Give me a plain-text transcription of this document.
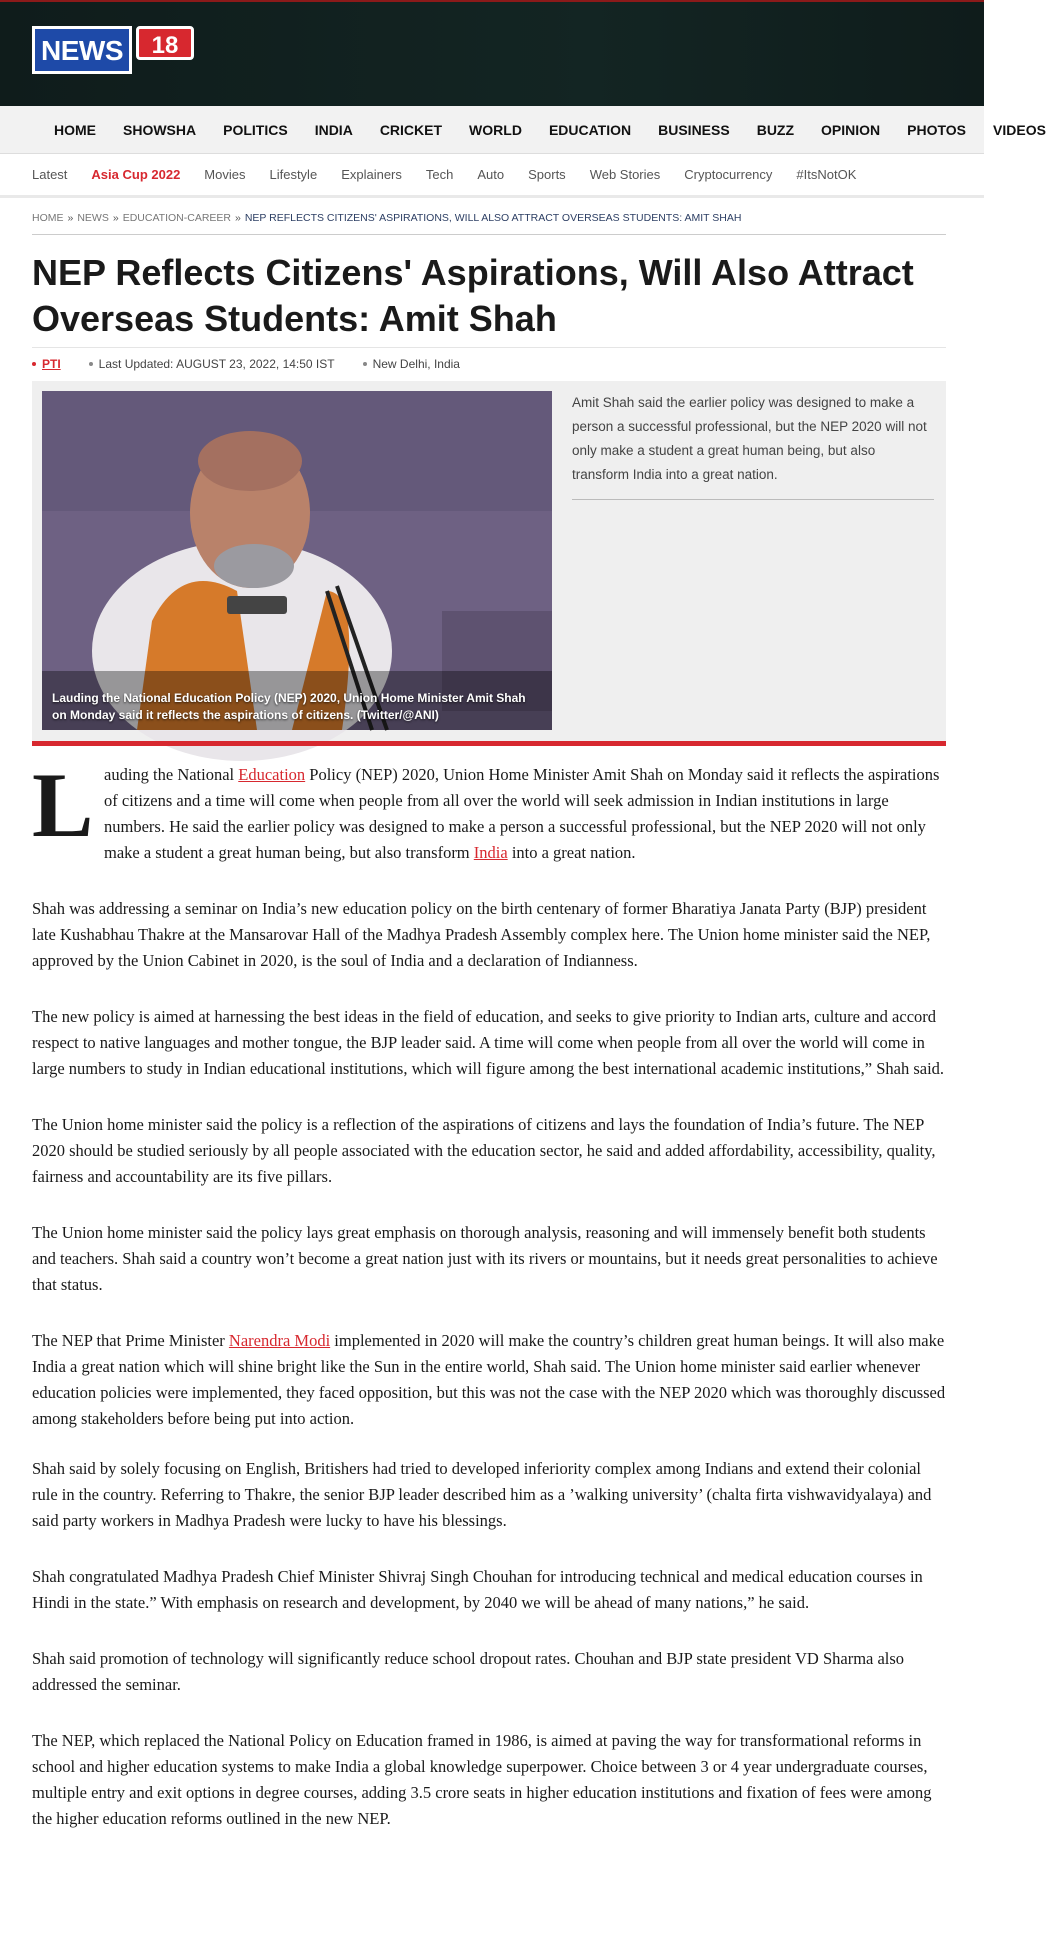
NEWS	18
HOME SHOWSHA POLITICS INDIA CRICKET WORLD EDUCATION BUSINESS BUZZ OPINION PHOTOS VIDEOS
Latest Asia Cup 2022 Movies Lifestyle Explainers Tech Auto Sports Web Stories Cryptocurrency #ItsNotOK
HOME » NEWS » EDUCATION-CAREER » NEP REFLECTS CITIZENS' ASPIRATIONS, WILL ALSO ATTRACT OVERSEAS STUDENTS: AMIT SHAH
NEP Reflects Citizens' Aspirations, Will Also Attract Overseas Students: Amit Shah
PTI	Last Updated: AUGUST 23, 2022, 14:50 IST	New Delhi, India
Lauding the National Education Policy (NEP) 2020, Union Home Minister Amit Shah on Monday said it reflects the aspirations of citizens. (Twitter/@ANI)
Amit Shah said the earlier policy was designed to make a person a successful professional, but the NEP 2020 will not only make a student a great human being, but also transform India into a great nation.
L auding the National Education Policy (NEP) 2020, Union Home Minister Amit Shah on Monday said it reflects the aspirations of citizens and a time will come when people from all over the world will seek admission in Indian institutions in large numbers. He said the earlier policy was designed to make a person a successful professional, but the NEP 2020 will not only make a student a great human being, but also transform India into a great nation.

Shah was addressing a seminar on India’s new education policy on the birth centenary of former Bharatiya Janata Party (BJP) president late Kushabhau Thakre at the Mansarovar Hall of the Madhya Pradesh Assembly complex here. The Union home minister said the NEP, approved by the Union Cabinet in 2020, is the soul of India and a declaration of Indianness.

The new policy is aimed at harnessing the best ideas in the field of education, and seeks to give priority to Indian arts, culture and accord respect to native languages and mother tongue, the BJP leader said. A time will come when people from all over the world will come in large numbers to study in Indian educational institutions, which will figure among the best international academic institutions,” Shah said.

The Union home minister said the policy is a reflection of the aspirations of citizens and lays the foundation of India’s future. The NEP 2020 should be studied seriously by all people associated with the education sector, he said and added affordability, accessibility, quality, fairness and accountability are its five pillars.

The Union home minister said the policy lays great emphasis on thorough analysis, reasoning and will immensely benefit both students and teachers. Shah said a country won’t become a great nation just with its rivers or mountains, but it needs great personalities to achieve that status.

The NEP that Prime Minister Narendra Modi implemented in 2020 will make the country’s children great human beings. It will also make India a great nation which will shine bright like the Sun in the entire world, Shah said. The Union home minister said earlier whenever education policies were implemented, they faced opposition, but this was not the case with the NEP 2020 which was thoroughly discussed among stakeholders before being put into action.

Shah said by solely focusing on English, Britishers had tried to developed inferiority complex among Indians and extend their colonial rule in the country. Referring to Thakre, the senior BJP leader described him as a ’walking university’ (chalta firta vishwavidyalaya) and said party workers in Madhya Pradesh were lucky to have his blessings.

Shah congratulated Madhya Pradesh Chief Minister Shivraj Singh Chouhan for introducing technical and medical education courses in Hindi in the state.” With emphasis on research and development, by 2040 we will be ahead of many nations,” he said.

Shah said promotion of technology will significantly reduce school dropout rates. Chouhan and BJP state president VD Sharma also addressed the seminar.

The NEP, which replaced the National Policy on Education framed in 1986, is aimed at paving the way for transformational reforms in school and higher education systems to make India a global knowledge superpower. Choice between 3 or 4 year undergraduate courses, multiple entry and exit options in degree courses, adding 3.5 crore seats in higher education institutions and fixation of fees were among the higher education reforms outlined in the new NEP.
